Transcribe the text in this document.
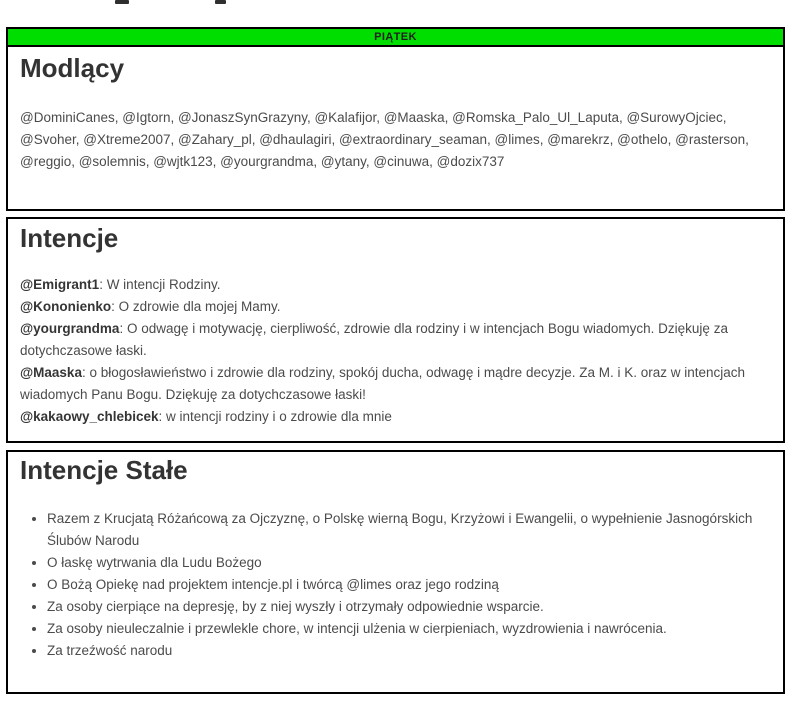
PIĄTEK
Modlący

@DominiCanes, @Igtorn, @JonaszSynGrazyny, @Kalafijor, @Maaska, @Romska_Palo_Ul_Laputa, @SurowyOjciec, @Svoher, @Xtreme2007, @Zahary_pl, @dhaulagiri, @extraordinary_seaman, @limes, @marekrz, @othelo, @rasterson, @reggio, @solemnis, @wjtk123, @yourgrandma, @ytany, @cinuwa, @dozix737

Intencje

@Emigrant1: W intencji Rodziny.

@Kononienko: O zdrowie dla mojej Mamy.

@yourgrandma: O odwagę i motywację, cierpliwość, zdrowie dla rodziny i w intencjach Bogu wiadomych. Dziękuję za dotychczasowe łaski.

@Maaska: o błogosławieństwo i zdrowie dla rodziny, spokój ducha, odwagę i mądre decyzje. Za M. i K. oraz w intencjach wiadomych Panu Bogu. Dziękuję za dotychczasowe łaski!

@kakaowy_chlebicek: w intencji rodziny i o zdrowie dla mnie

Intencje Stałe
• Razem z Krucjatą Różańcową za Ojczyznę, o Polskę wierną Bogu, Krzyżowi i Ewangelii, o wypełnienie Jasnogórskich Ślubów Narodu
• O łaskę wytrwania dla Ludu Bożego
• O Bożą Opiekę nad projektem intencje.pl i twórcą @limes oraz jego rodziną
• Za osoby cierpiące na depresję, by z niej wyszły i otrzymały odpowiednie wsparcie.
• Za osoby nieuleczalnie i przewlekle chore, w intencji ulżenia w cierpieniach, wyzdrowienia i nawrócenia.
• Za trzeźwość narodu
